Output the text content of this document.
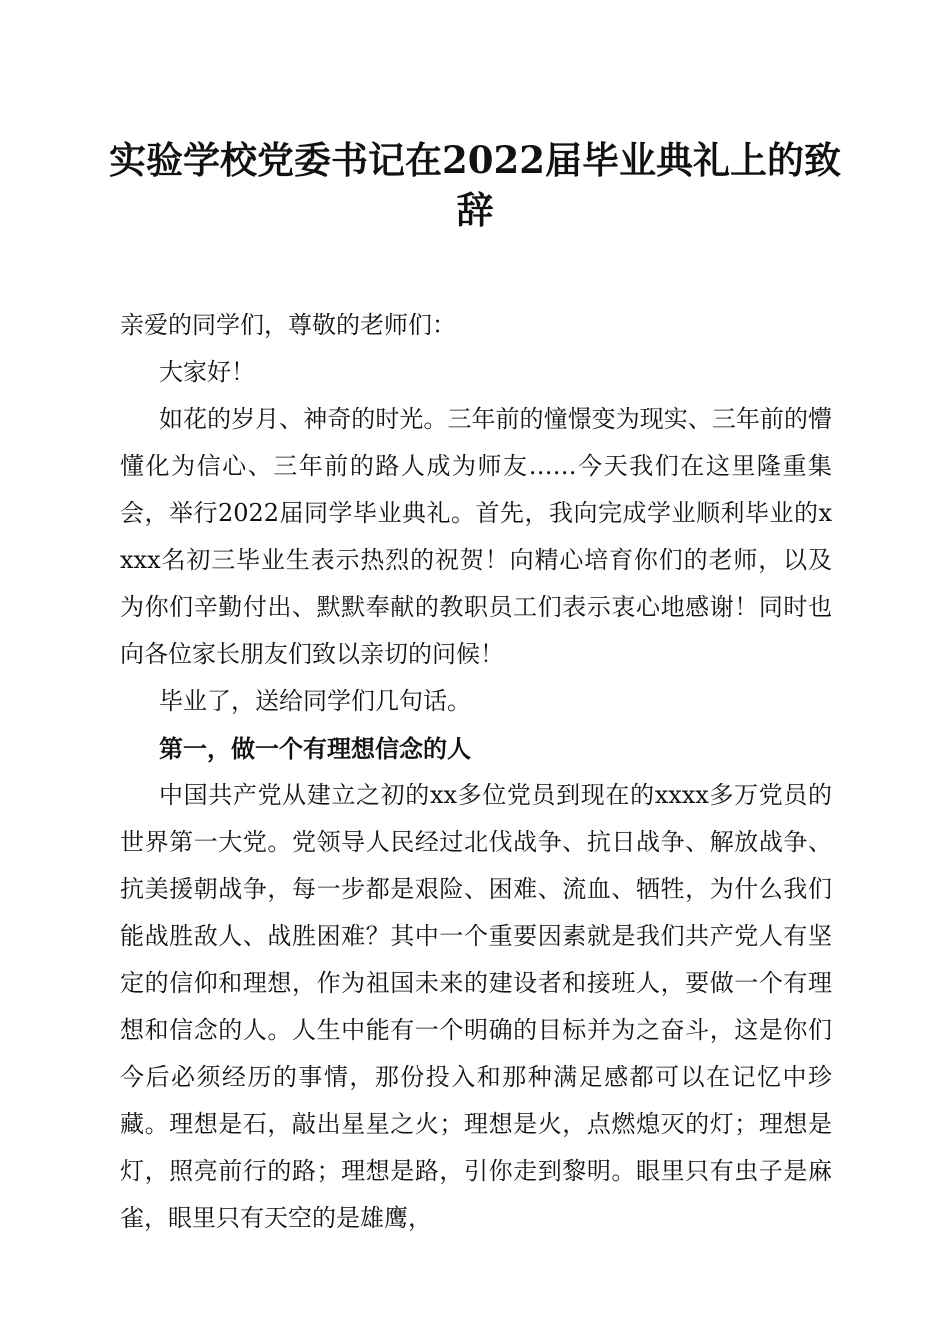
实验学校党委书记在2022届毕业典礼上的致辞

亲爱的同学们，尊敬的老师们：

大家好！

如花的岁月、神奇的时光。三年前的憧憬变为现实、三年前的懵懂化为信心、三年前的路人成为师友……今天我们在这里隆重集会，举行2022届同学毕业典礼。首先，我向完成学业顺利毕业的xxxx名初三毕业生表示热烈的祝贺！向精心培育你们的老师，以及为你们辛勤付出、默默奉献的教职员工们表示衷心地感谢！同时也向各位家长朋友们致以亲切的问候！

毕业了，送给同学们几句话。

第一，做一个有理想信念的人

中国共产党从建立之初的xx多位党员到现在的xxxx多万党员的世界第一大党。党领导人民经过北伐战争、抗日战争、解放战争、抗美援朝战争，每一步都是艰险、困难、流血、牺牲，为什么我们能战胜敌人、战胜困难？其中一个重要因素就是我们共产党人有坚定的信仰和理想，作为祖国未来的建设者和接班人，要做一个有理想和信念的人。人生中能有一个明确的目标并为之奋斗，这是你们今后必须经历的事情，那份投入和那种满足感都可以在记忆中珍藏。理想是石，敲出星星之火；理想是火，点燃熄灭的灯；理想是灯，照亮前行的路；理想是路，引你走到黎明。眼里只有虫子是麻雀，眼里只有天空的是雄鹰，
